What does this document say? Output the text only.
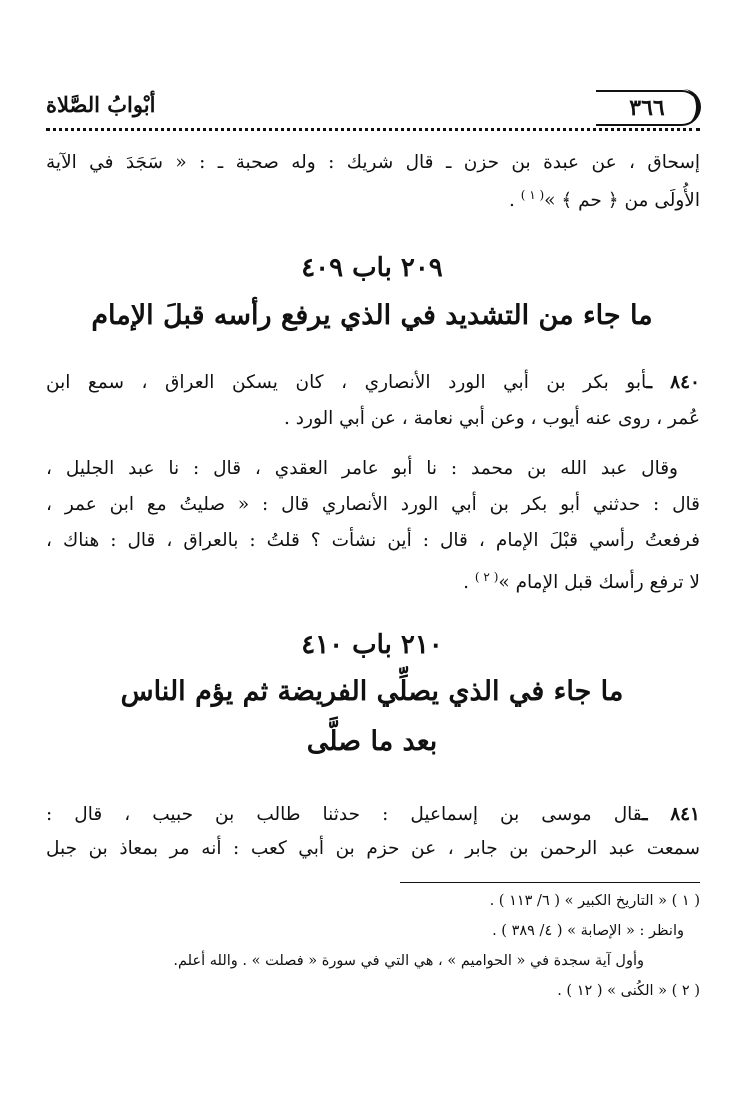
٣٦٦
أبْوابُ الصَّلاة
إسحاق ، عن عبدة بن حزن ـ قال شريك : وله صحبة ـ : « سَجَدَ في الآية
الأُولَى من ﴿ حم ﴾ »$^{( ١ )}$ .
٢٠٩ باب ٤٠٩
ما جاء من التشديد في الذي يرفع رأسه قبلَ الإمام
٨٤٠ ـأبو بكر بن أبي الورد الأنصاري ، كان يسكن العراق ، سمع ابن
عُمر ، روى عنه أيوب ، وعن أبي نعامة ، عن أبي الورد .
وقال عبد الله بن محمد : نا أبو عامر العقدي ، قال : نا عبد الجليل ،
قال : حدثني أبو بكر بن أبي الورد الأنصاري قال : « صليتُ مع ابن عمر ،
فرفعتُ رأسي قبْلَ الإمام ، قال : أين نشأت ؟ قلتُ : بالعراق ، قال : هناك ،
لا ترفع رأسك قبل الإمام »$^{( ٢ )}$ .
٢١٠ باب ٤١٠
ما جاء في الذي يصلِّي الفريضة ثم يؤم الناس
بعد ما صلَّى
٨٤١ ـقال موسى بن إسماعيل : حدثنا طالب بن حبيب ، قال :
سمعت عبد الرحمن بن جابر ، عن حزم بن أبي كعب : أنه مر بمعاذ بن جبل
( ١ ) « التاريخ الكبير » ( ٦/ ١١٣ ) .
وانظر : « الإصابة » ( ٤/ ٣٨٩ ) .
وأول آية سجدة في « الحواميم » ، هي التي في سورة « فصلت » . والله أعلم.
( ٢ ) « الكُنى » ( ١٢ ) .
